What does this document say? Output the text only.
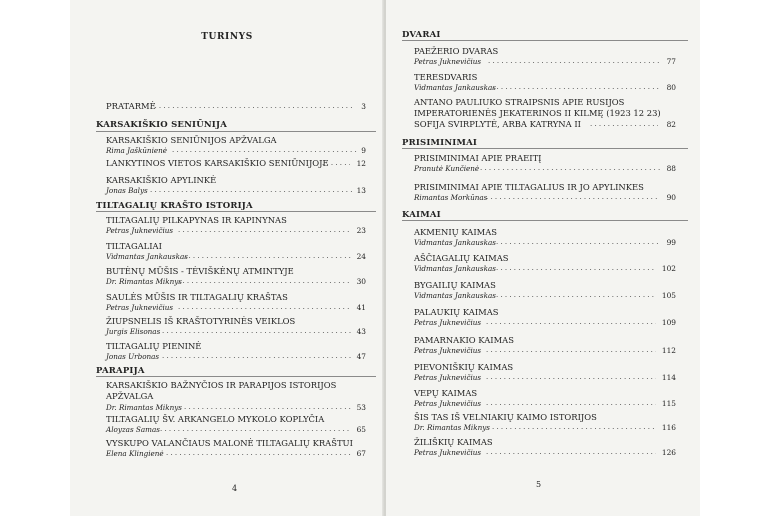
TURINYS
PRATARMĖ . . .	3
KARSAKIŠKIO SENIŪNIJA
KARSAKIŠKIO SENIŪNIJOS APŽVALGA
Rima Jaškūnienė . . .	9
LANKYTINOS VIETOS KARSAKIŠKIO SENIŪNIJOJE . . .	12
KARSAKIŠKIO APYLINKĖ
Jonas Balys . . .	13
TILTAGALIŲ KRAŠTO ISTORIJA
TILTAGALIŲ PILKAPYNAS IR KAPINYNAS
Petras Juknevičius . . .	23
TILTAGALIAI
Vidmantas Jankauskas . . .	24
BUTĖNŲ MŪŠIS - TĖVIŠKĖNŲ ATMINTYJE
Dr. Rimantas Miknys . . .	30
SAULĖS MŪŠIS IR TILTAGALIŲ KRAŠTAS
Petras Juknevičius . . .	41
ŽIUPSNELIS IŠ KRAŠTOTYRINĖS VEIKLOS
Jurgis Elisonas . . .	43
TILTAGALIŲ PIENINĖ
Jonas Urbonas . . .	47
PARAPIJA
KARSAKIŠKIO BAŽNYČIOS IR PARAPIJOS ISTORIJOS
APŽVALGA
Dr. Rimantas Miknys . . .	53
TILTAGALIŲ ŠV. ARKANGELO MYKOLO KOPLYČIA
Aloyzas Samas . . .	65
VYSKUPO VALANČIAUS MALONĖ TILTAGALIŲ KRAŠTUI
Elena Klingienė . . .	67
4
DVARAI
PAEŽERIO DVARAS
Petras Juknevičius . . .	77
TERESDVARIS
Vidmantas Jankauskas . . .	80
ANTANO PAULIUKO STRAIPSNIS APIE RUSIJOS
IMPERATORIENĖS JEKATERINOS II KILMĘ (1923 12 23)
SOFIJA SVIRPLYTĖ, ARBA KATRYNA II . . .	82
PRISIMINIMAI
PRISIMINIMAI APIE PRAEITĮ
Pranutė Kunčienė . . .	88
PRISIMINIMAI APIE TILTAGALIUS IR JO APYLINKES
Rimantas Morkūnas . . .	90
KAIMAI
AKMENIŲ KAIMAS
Vidmantas Jankauskas . . .	99
AŠČIAGALIŲ KAIMAS
Vidmantas Jankauskas . . .	102
BYGAILIŲ KAIMAS
Vidmantas Jankauskas . . .	105
PALAUKIŲ KAIMAS
Petras Juknevičius . . .	109
PAMARNAKIO KAIMAS
Petras Juknevičius . . .	112
PIEVONIŠKIŲ KAIMAS
Petras Juknevičius . . .	114
VEPŲ KAIMAS
Petras Juknevičius . . .	115
ŠIS TAS IŠ VELNIAKIŲ KAIMO ISTORIJOS
Dr. Rimantas Miknys . . .	116
ŽILIŠKIŲ KAIMAS
Petras Juknevičius . . .	126
5
